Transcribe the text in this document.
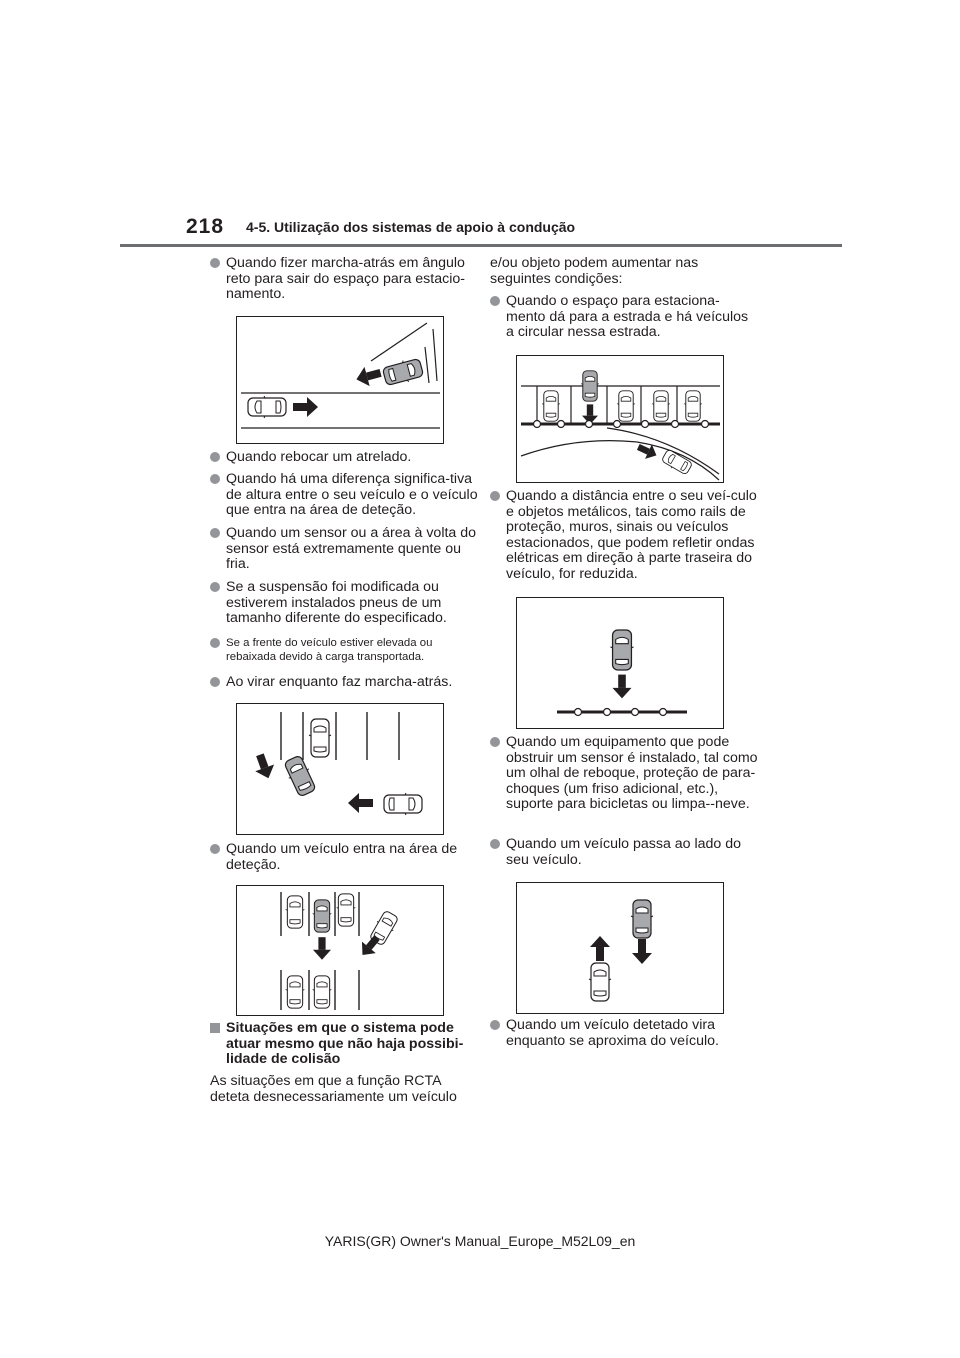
218 4-5. Utilização dos sistemas de apoio à condução
Quando fizer marcha-atrás em ângulo reto para sair do espaço para estacio-namento.
Quando rebocar um atrelado.
Quando há uma diferença significa-tiva de altura entre o seu veículo e o veículo que entra na área de deteção.
Quando um sensor ou a área à volta do sensor está extremamente quente ou fria.
Se a suspensão foi modificada ou estiverem instalados pneus de um tamanho diferente do especificado.
Se a frente do veículo estiver elevada ou rebaixada devido à carga transportada.
Ao virar enquanto faz marcha-atrás.
Quando um veículo entra na área de deteção.
Situações em que o sistema pode atuar mesmo que não haja possibi-lidade de colisão
As situações em que a função RCTA deteta desnecessariamente um veículo
e/ou objeto podem aumentar nas seguintes condições:
Quando o espaço para estaciona-mento dá para a estrada e há veículos a circular nessa estrada.
Quando a distância entre o seu veí-culo e objetos metálicos, tais como rails de proteção, muros, sinais ou veículos estacionados, que podem refletir ondas elétricas em direção à parte traseira do veículo, for reduzida.
Quando um equipamento que pode obstruir um sensor é instalado, tal como um olhal de reboque, proteção de para-choques (um friso adicional, etc.), suporte para bicicletas ou limpa--neve.
Quando um veículo passa ao lado do seu veículo.
Quando um veículo detetado vira enquanto se aproxima do veículo.
YARIS(GR) Owner's Manual_Europe_M52L09_en
